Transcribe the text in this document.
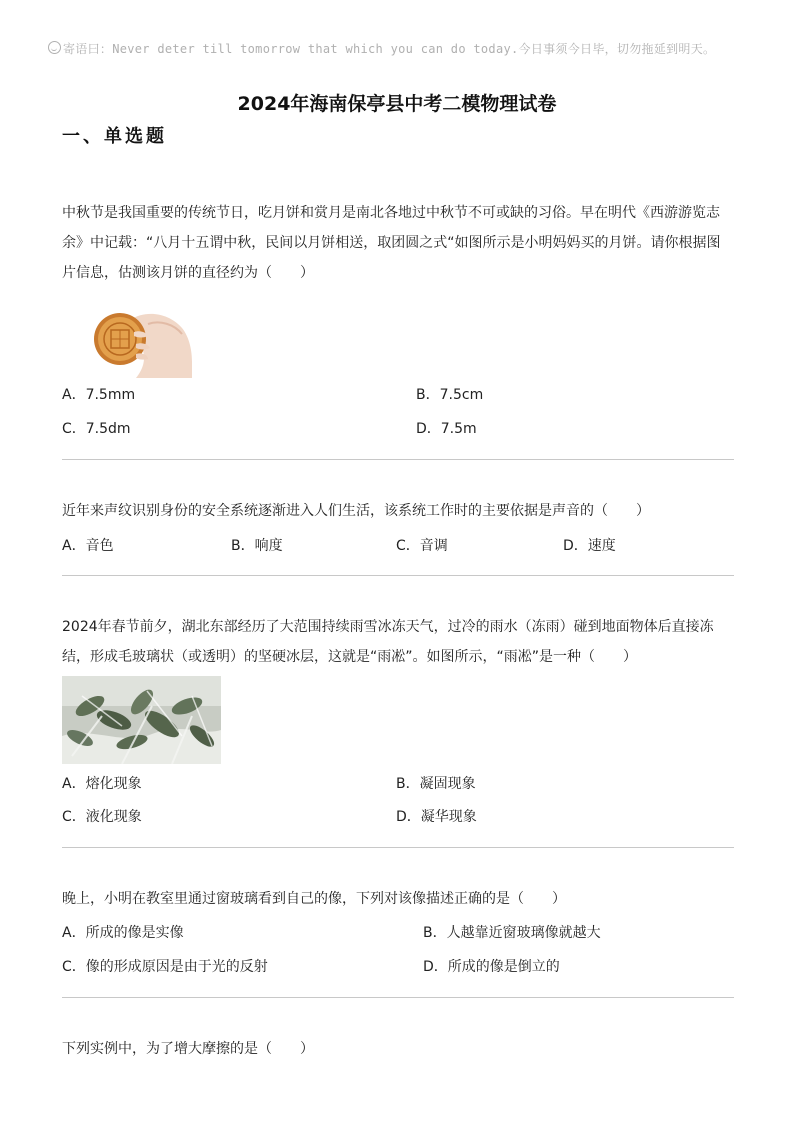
寄语曰：Never deter till tomorrow that which you can do today.今日事须今日毕，切勿拖延到明天。
2024年海南保亭县中考二模物理试卷
一、单选题
中秋节是我国重要的传统节日，吃月饼和赏月是南北各地过中秋节不可或缺的习俗。早在明代《西游游览志余》中记载：“八月十五谓中秋，民间以月饼相送，取团圆之式“如图所示是小明妈妈买的月饼。请你根据图片信息，估测该月饼的直径约为（　　）
A．7.5mm	B．7.5cm
C．7.5dm	D．7.5m
近年来声纹识别身份的安全系统逐渐进入人们生活，该系统工作时的主要依据是声音的（　　）
A．音色	B．响度	C．音调	D．速度
2024年春节前夕，湖北东部经历了大范围持续雨雪冰冻天气，过冷的雨水（冻雨）碰到地面物体后直接冻结，形成毛玻璃状（或透明）的坚硬冰层，这就是“雨凇”。如图所示，“雨凇”是一种（　　）
A．熔化现象	B．凝固现象
C．液化现象	D．凝华现象
晚上，小明在教室里通过窗玻璃看到自己的像，下列对该像描述正确的是（　　）
A．所成的像是实像	B．人越靠近窗玻璃像就越大
C．像的形成原因是由于光的反射	D．所成的像是倒立的
下列实例中，为了增大摩擦的是（　　）
